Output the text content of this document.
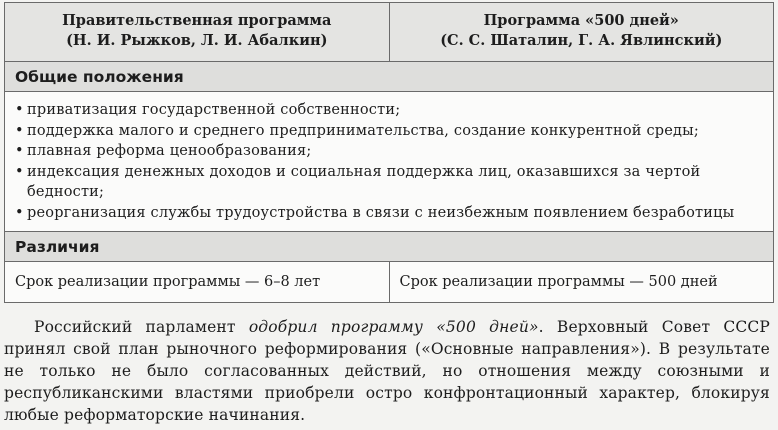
Правительственная программа
(Н. И. Рыжков, Л. И. Абалкин)
Программа «500 дней»
(С. С. Шаталин, Г. А. Явлинский)
Общие положения
• приватизация государственной собственности;
• поддержка малого и среднего предпринимательства, создание конкурентной среды;
• плавная реформа ценообразования;
• индексация денежных доходов и социальная поддержка лиц, оказавшихся за чертой бедности;
• реорганизация службы трудоустройства в связи с неизбежным появлением безработицы
Различия
Срок реализации программы — 6–8 лет	Срок реализации программы — 500 дней

Российский парламент одобрил программу «500 дней». Верховный Совет СССР принял свой план рыночного реформирования («Основные направления»). В результате не только не было согласованных действий, но отношения между союзными и республиканскими властями приобрели остро конфронтационный характер, блокируя любые реформаторские начинания.
